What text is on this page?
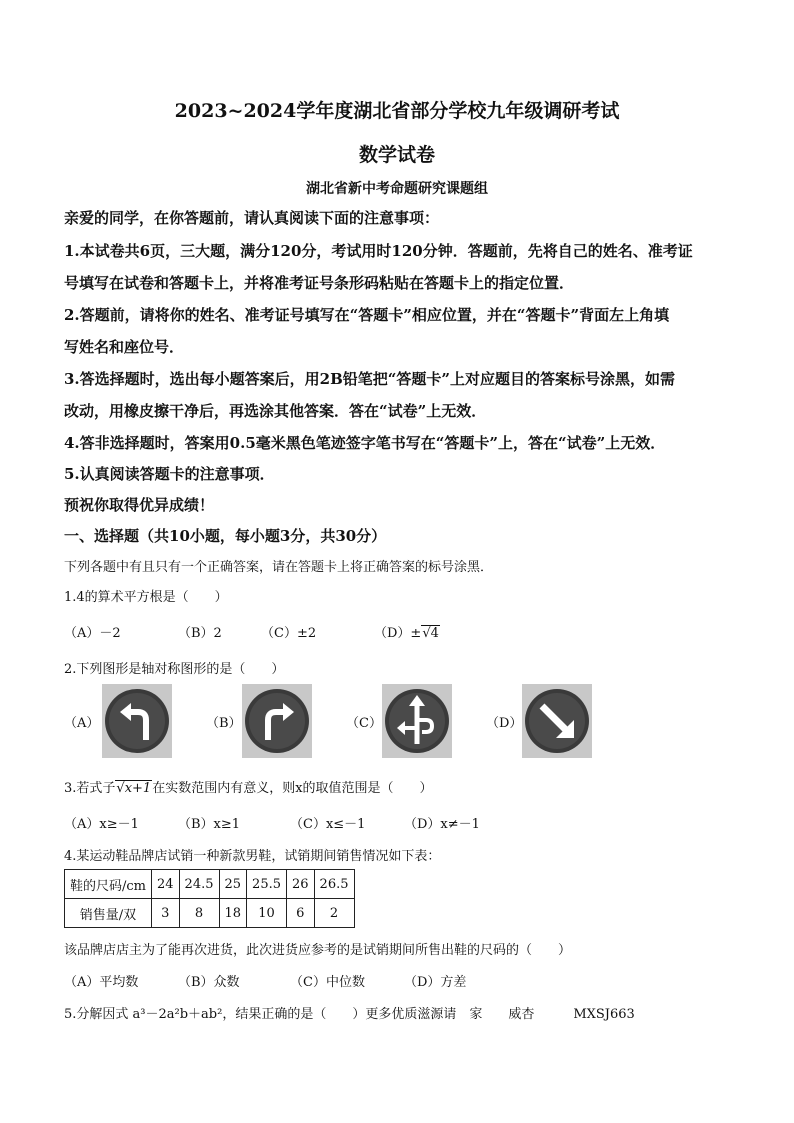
2023~2024学年度湖北省部分学校九年级调研考试
数学试卷
湖北省新中考命题研究课题组
亲爱的同学，在你答题前，请认真阅读下面的注意事项：
1.本试卷共6页，三大题，满分120分，考试用时120分钟．答题前，先将自己的姓名、准考证
号填写在试卷和答题卡上，并将准考证号条形码粘贴在答题卡上的指定位置．
2.答题前，请将你的姓名、准考证号填写在“答题卡”相应位置，并在“答题卡”背面左上角填
写姓名和座位号．
3.答选择题时，选出每小题答案后，用2B铅笔把“答题卡”上对应题目的答案标号涂黑，如需
改动，用橡皮擦干净后，再选涂其他答案．答在“试卷”上无效．
4.答非选择题时，答案用0.5毫米黑色笔迹签字笔书写在“答题卡”上，答在“试卷”上无效．
5.认真阅读答题卡的注意事项．
预祝你取得优异成绩！
一、选择题（共10小题，每小题3分，共30分）
下列各题中有且只有一个正确答案，请在答题卡上将正确答案的标号涂黑．
1.4的算术平方根是（　　）
（A）－2	（B）2	（C）±2	（D）±√4
2.下列图形是轴对称图形的是（　　）
（A）	（B）	（C）	（D）
3.若式子√x+1在实数范围内有意义，则x的取值范围是（　　）
（A）x≥－1	（B）x≥1	（C）x≤－1	（D）x≠－1
4.某运动鞋品牌店试销一种新款男鞋，试销期间销售情况如下表：
鞋的尺码/cm	24	24.5	25	25.5	26	26.5
销售量/双	3	8	18	10	6	2
该品牌店店主为了能再次进货，此次进货应参考的是试销期间所售出鞋的尺码的（　　）
（A）平均数	（B）众数	（C）中位数	（D）方差
5.分解因式 a³－2a²b＋ab²，结果正确的是（　　）更多优质滋源请　家　　威杏　　　MXSJ663
